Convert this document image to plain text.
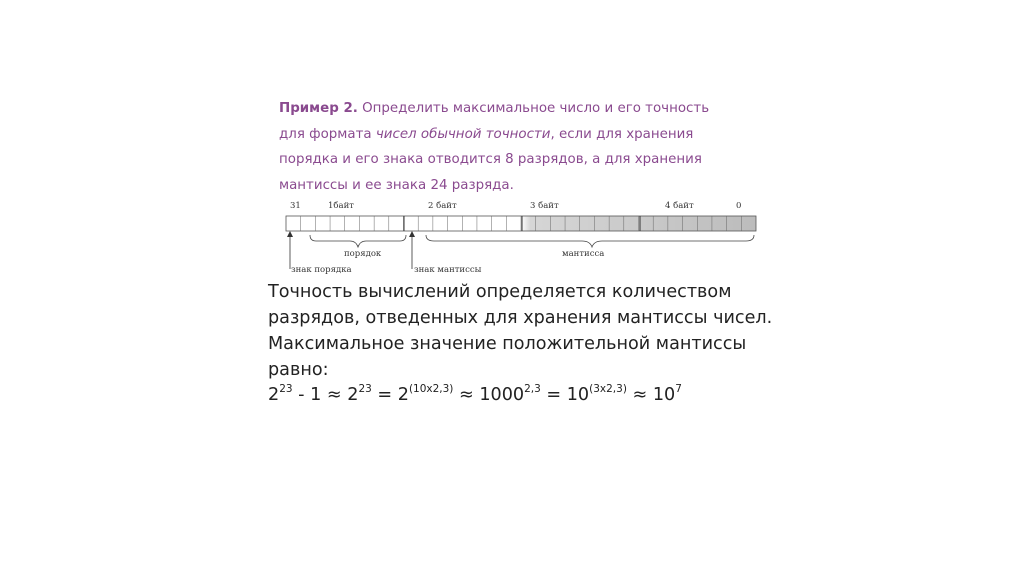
Пример 2. Определить максимальное число и его точность
для формата чисел обычной точности, если для хранения
порядка и его знака отводится 8 разрядов, а для хранения
мантиссы и ее знака 24 разряда.
31	1байт	2 байт	3 байт	4 байт	0
порядок	мантисса
знак порядка	знак мантиссы
Точность вычислений определяется количеством
разрядов, отведенных для хранения мантиссы чисел.
Максимальное значение положительной мантиссы
равно:
$2^{23} - 1 \approx 2^{23} = 2^{(10x2,3)} \approx 1000^{2,3} = 10^{(3x2,3)} \approx 10^7$
